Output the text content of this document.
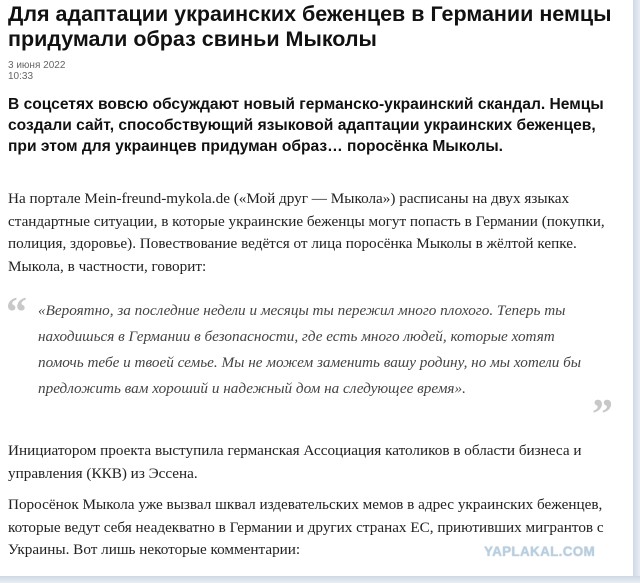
Для адаптации украинских беженцев в Германии немцы придумали образ свиньи Мыколы
3 июня 2022
10:33

В соцсетях вовсю обсуждают новый германско-украинский скандал. Немцы создали сайт, способствующий языковой адаптации украинских беженцев, при этом для украинцев придуман образ… поросёнка Мыколы.

На портале Mein-freund-mykola.de («Мой друг — Мыкола») расписаны на двух языках стандартные ситуации, в которые украинские беженцы могут попасть в Германии (покупки, полиция, здоровье). Повествование ведётся от лица поросёнка Мыколы в жёлтой кепке. Мыкола, в частности, говорит:

“ «Вероятно, за последние недели и месяцы ты пережил много плохого. Теперь ты находишься в Германии в безопасности, где есть много людей, которые хотят помочь тебе и твоей семье. Мы не можем заменить вашу родину, но мы хотели бы предложить вам хороший и надежный дом на следующее время».

”

Инициатором проекта выступила германская Ассоциация католиков в области бизнеса и управления (ККВ) из Эссена.

Поросёнок Мыкола уже вызвал шквал издевательских мемов в адрес украинских беженцев, которые ведут себя неадекватно в Германии и других странах ЕС, приютивших мигрантов с Украины. Вот лишь некоторые комментарии:	YAPLAKAL.COM
